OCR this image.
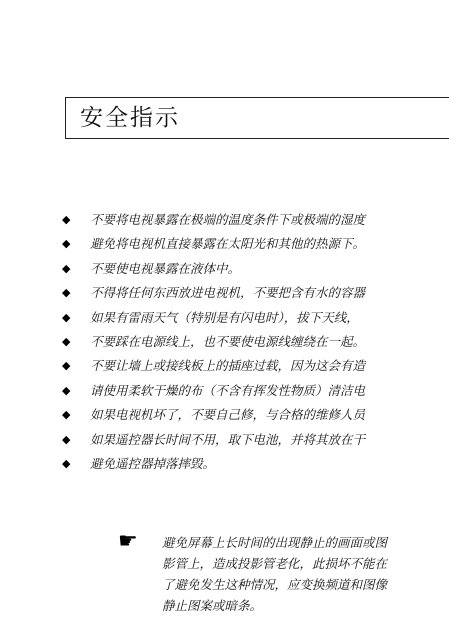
安全指示
◆ 不要将电视暴露在极端的温度条件下或极端的湿度
◆ 避免将电视机直接暴露在太阳光和其他的热源下。
◆ 不要使电视暴露在液体中。
◆ 不得将任何东西放进电视机，不要把含有水的容器
◆ 如果有雷雨天气（特别是有闪电时），拔下天线，
◆ 不要踩在电源线上，也不要使电源线缠绕在一起。
◆ 不要让墙上或接线板上的插座过载，因为这会有造
◆ 请使用柔软干燥的布（不含有挥发性物质）清洁电
◆ 如果电视机坏了，不要自己修，与合格的维修人员
◆ 如果遥控器长时间不用，取下电池，并将其放在干
◆ 避免遥控器掉落摔毁。
☛ 避免屏幕上长时间的出现静止的画面或图
影管上，造成投影管老化，此损坏不能在
了避免发生这种情况，应变换频道和图像
静止图案或暗条。
